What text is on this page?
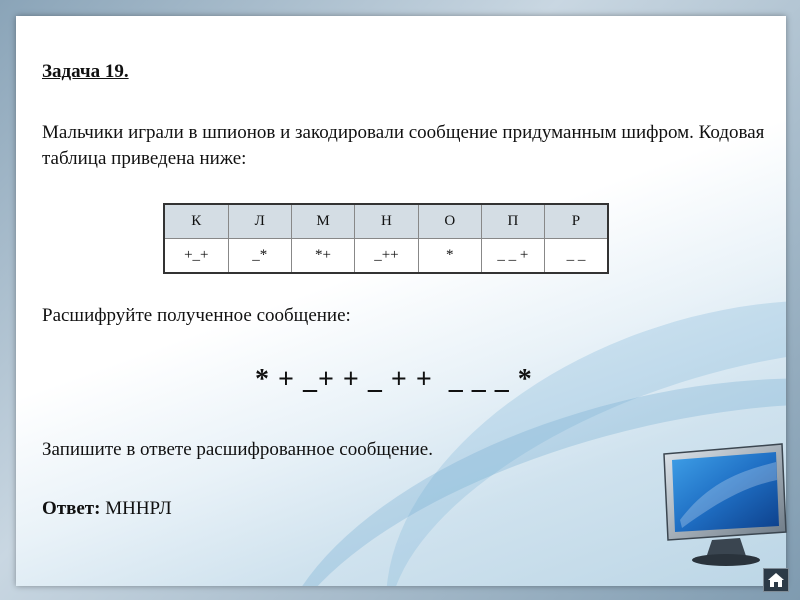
Задача 19.
Мальчики играли в шпионов и закодировали сообщение придуманным шифром. Кодовая таблица приведена ниже:
К	Л	М	Н	О	П	Р
+_+	_*	*+	_++	*	_ _ +	_ _
Расшифруйте полученное сообщение:
* + _+ + _ + +  _ _ _ *
Запишите в ответе расшифрованное сообщение.
Ответ: МННРЛ
